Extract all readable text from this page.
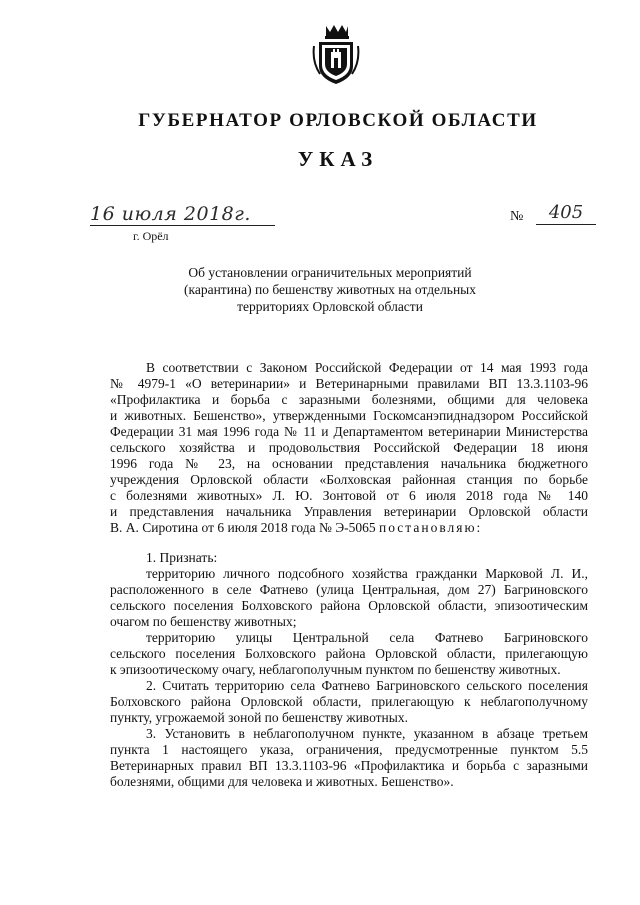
ГУБЕРНАТОР ОРЛОВСКОЙ ОБЛАСТИ
УКАЗ
16 июля 2018г.
г. Орёл
№	405
Об установлении ограничительных мероприятий
(карантина) по бешенству животных на отдельных
территориях Орловской области
В соответствии с Законом Российской Федерации от 14 мая 1993 года
№ 4979-1 «О ветеринарии» и Ветеринарными правилами ВП 13.3.1103-96
«Профилактика и борьба с заразными болезнями, общими для человека
и животных. Бешенство», утвержденными Госкомсанэпиднадзором Российской
Федерации 31 мая 1996 года № 11 и Департаментом ветеринарии Министерства
сельского хозяйства и продовольствия Российской Федерации 18 июня
1996 года № 23, на основании представления начальника бюджетного
учреждения Орловской области «Болховская районная станция по борьбе
с болезнями животных» Л. Ю. Зонтовой от 6 июля 2018 года № 140
и представления начальника Управления ветеринарии Орловской области
В. А. Сиротина от 6 июля 2018 года № Э-5065 постановляю:
1. Признать:
территорию личного подсобного хозяйства гражданки Марковой Л. И.,
расположенного в селе Фатнево (улица Центральная, дом 27) Багриновского
сельского поселения Болховского района Орловской области, эпизоотическим
очагом по бешенству животных;
территорию улицы Центральной села Фатнево Багриновского
сельского поселения Болховского района Орловской области, прилегающую
к эпизоотическому очагу, неблагополучным пунктом по бешенству животных.
2. Считать территорию села Фатнево Багриновского сельского поселения
Болховского района Орловской области, прилегающую к неблагополучному
пункту, угрожаемой зоной по бешенству животных.
3. Установить в неблагополучном пункте, указанном в абзаце третьем
пункта 1 настоящего указа, ограничения, предусмотренные пунктом 5.5
Ветеринарных правил ВП 13.3.1103-96 «Профилактика и борьба с заразными
болезнями, общими для человека и животных. Бешенство».
